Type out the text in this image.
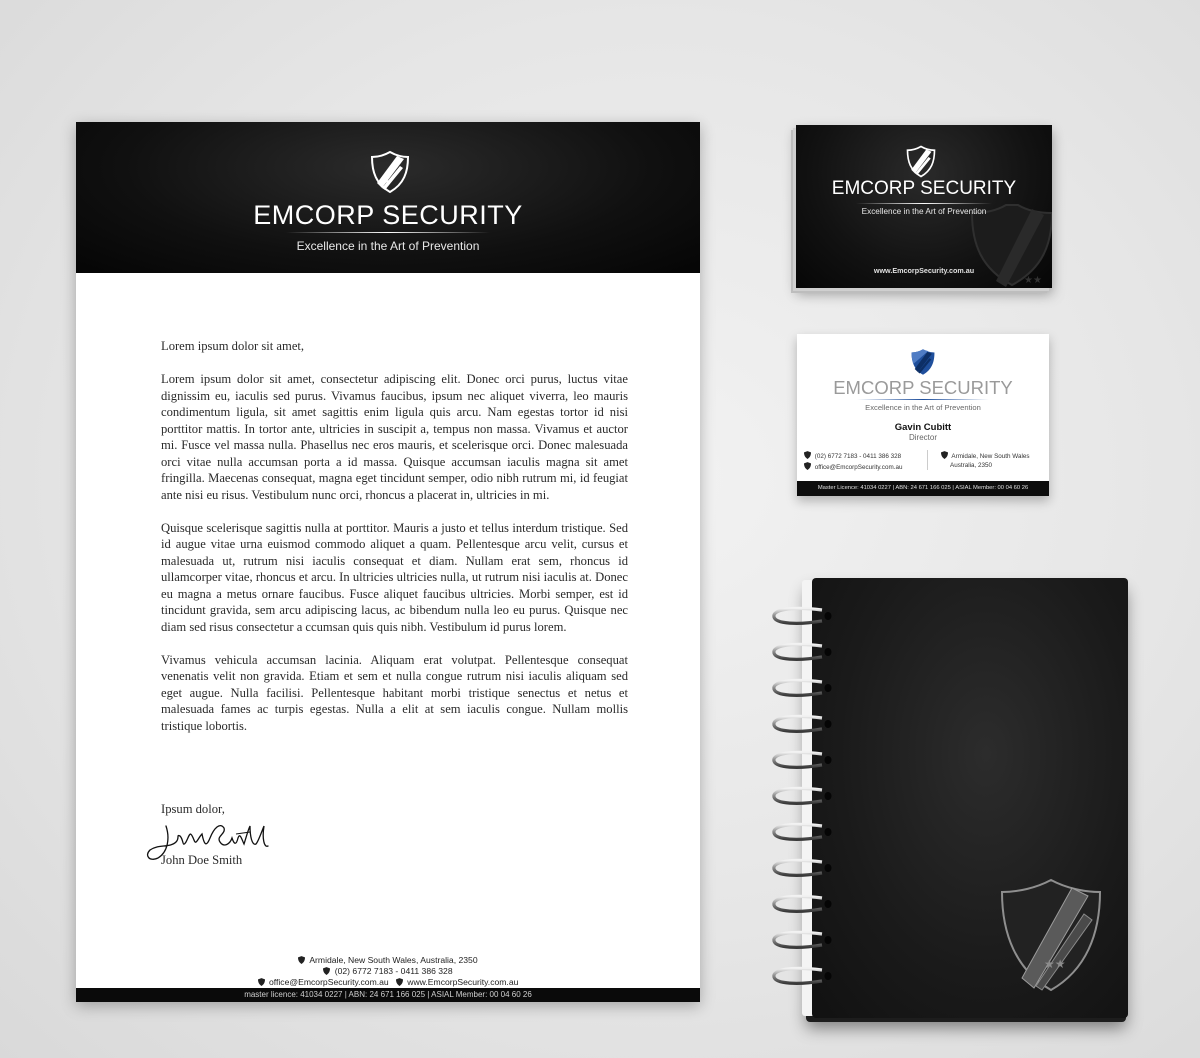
★★
EMCORP SECURITY
Excellence in the Art of Prevention

Lorem ipsum dolor sit amet,

Lorem ipsum dolor sit amet, consectetur adipiscing elit. Donec orci purus, luctus vitae dignissim eu, iaculis sed purus. Vivamus faucibus, ipsum nec aliquet viverra, leo mauris condimentum ligula, sit amet sagittis enim ligula quis arcu. Nam egestas tortor id nisi porttitor mattis. In tortor ante, ultricies in suscipit a, tempus non massa. Vivamus et auctor mi. Fusce vel massa nulla. Phasellus nec eros mauris, et scelerisque orci. Donec malesuada orci vitae nulla accumsan porta a id massa. Quisque accumsan iaculis magna sit amet fringilla. Maecenas consequat, magna eget tincidunt semper, odio nibh rutrum mi, id feugiat ante nisi eu risus. Vestibulum nunc orci, rhoncus a placerat in, ultricies in mi.

Quisque scelerisque sagittis nulla at porttitor. Mauris a justo et tellus interdum tristique. Sed id augue vitae urna euismod commodo aliquet a quam. Pellentesque arcu velit, cursus et malesuada ut, rutrum nisi iaculis consequat et diam. Nullam erat sem, rhoncus id ullamcorper vitae, rhoncus et arcu. In ultricies ultricies nulla, ut rutrum nisi iaculis at. Donec eu magna a metus ornare faucibus. Fusce aliquet faucibus ultricies. Morbi semper, est id tincidunt gravida, sem arcu adipiscing lacus, ac bibendum nulla leo eu purus. Quisque nec diam sed risus consectetur a ccumsan quis quis nibh. Vestibulum id purus lorem.

Vivamus vehicula accumsan lacinia. Aliquam erat volutpat. Pellentesque consequat venenatis velit non gravida. Etiam et sem et nulla congue rutrum nisi iaculis aliquam sed eget augue. Nulla facilisi. Pellentesque habitant morbi tristique senectus et netus et malesuada fames ac turpis egestas. Nulla a elit at sem iaculis congue. Nullam mollis tristique lobortis.

Ipsum dolor,
John Doe Smith
Armidale, New South Wales, Australia, 2350
(02) 6772 7183 - 0411 386 328
office@EmcorpSecurity.com.au www.EmcorpSecurity.com.au
master licence: 41034 0227 | ABN: 24 671 166 025 | ASIAL Member: 00 04 60 26
★★
EMCORP SECURITY
Excellence in the Art of Prevention
www.EmcorpSecurity.com.au
EMCORP SECURITY
Excellence in the Art of Prevention
Gavin Cubitt
Director
(02) 6772 7183 - 0411 386 328
office@EmcorpSecurity.com.au
Armidale, New South Wales
Australia, 2350
Master Licence: 41034 0227 | ABN: 24 671 166 025 | ASIAL Member: 00 04 60 26
★★
